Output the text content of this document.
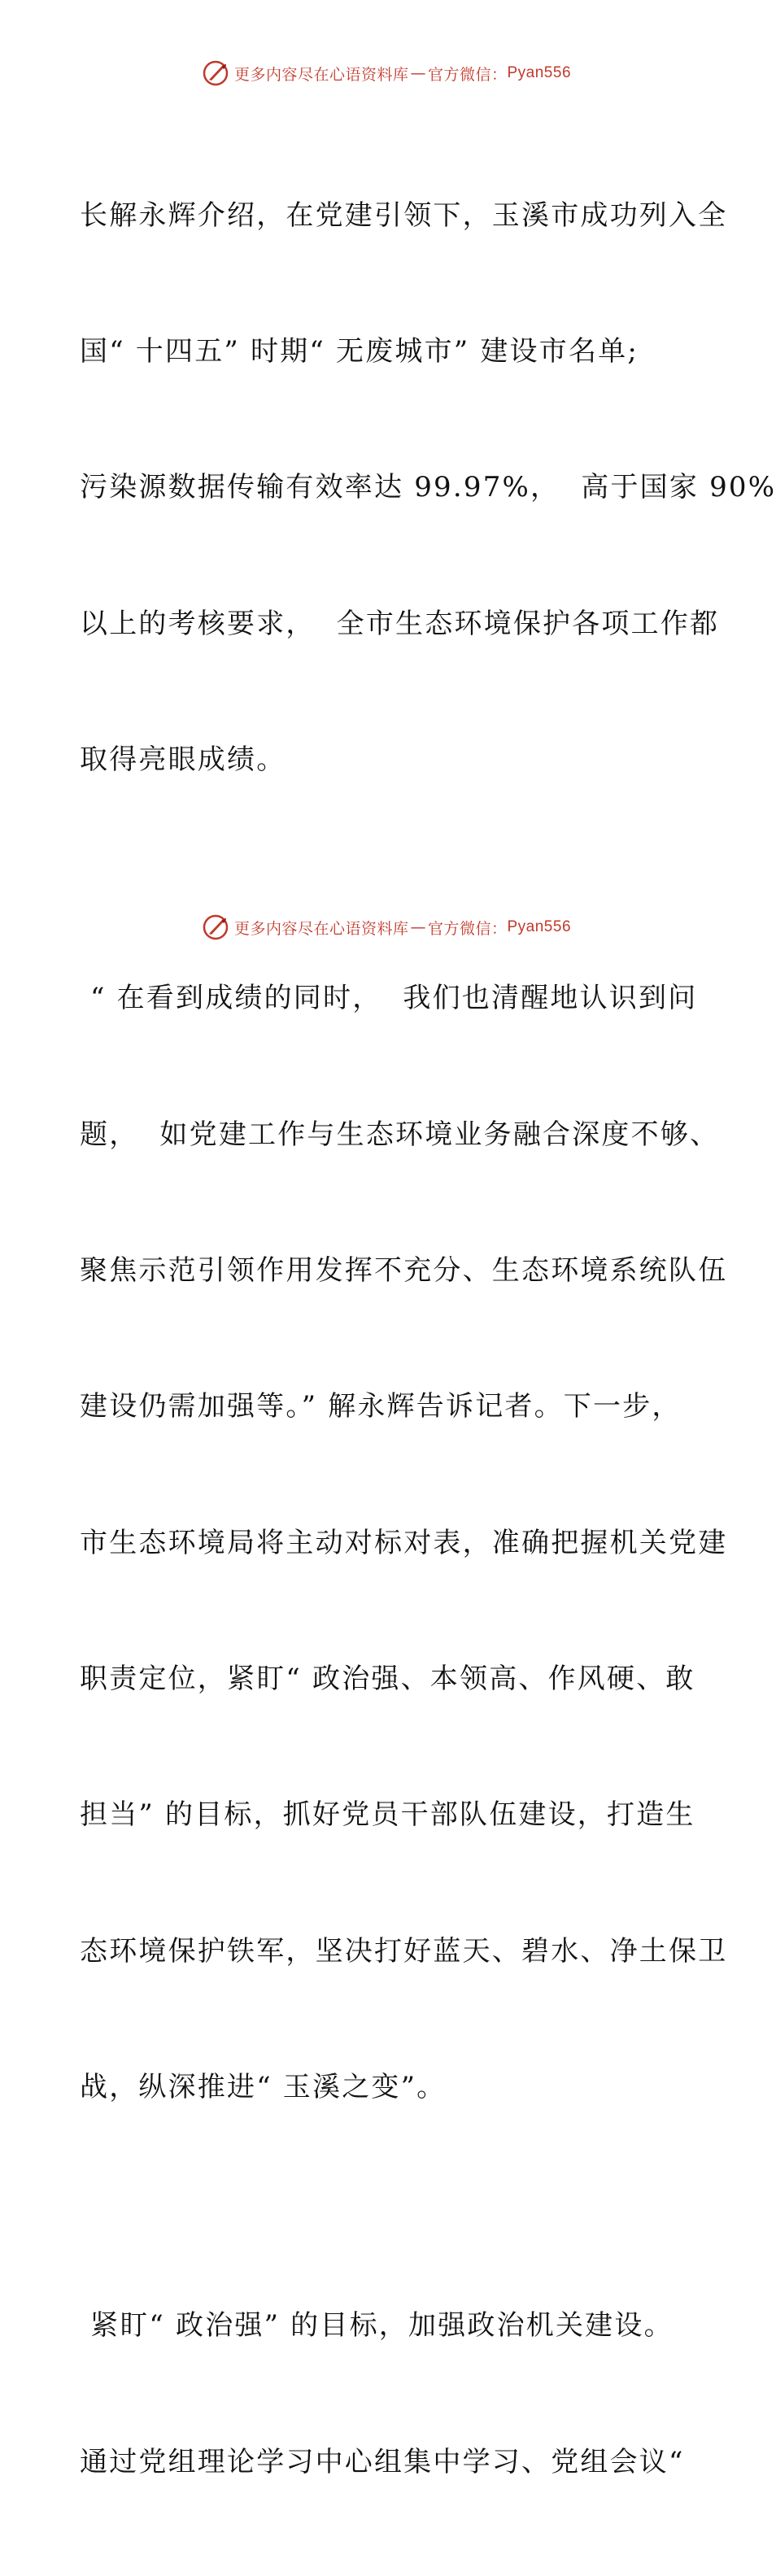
更多内容尽在心语资料库 — 官方微信： Pyan556

长解永辉介绍，在党建引领下，玉溪市成功列入全

国“ 十四五” 时期“ 无废城市” 建设市名单;

污染源数据传输有效率达 99.97%，  高于国家 90%

以上的考核要求，  全市生态环境保护各项工作都

取得亮眼成绩。

“ 在看到成绩的同时，  我们也清醒地认识到问

题，  如党建工作与生态环境业务融合深度不够、

聚焦示范引领作用发挥不充分、生态环境系统队伍

建设仍需加强等。” 解永辉告诉记者。下一步，

市生态环境局将主动对标对表，准确把握机关党建

职责定位，紧盯“ 政治强、本领高、作风硬、敢

担当” 的目标，抓好党员干部队伍建设，打造生

态环境保护铁军，坚决打好蓝天、碧水、净土保卫

战，纵深推进“ 玉溪之变”。

紧盯“ 政治强” 的目标，加强政治机关建设。

通过党组理论学习中心组集中学习、党组会议“

更多内容尽在心语资料库 — 官方微信： Pyan556
